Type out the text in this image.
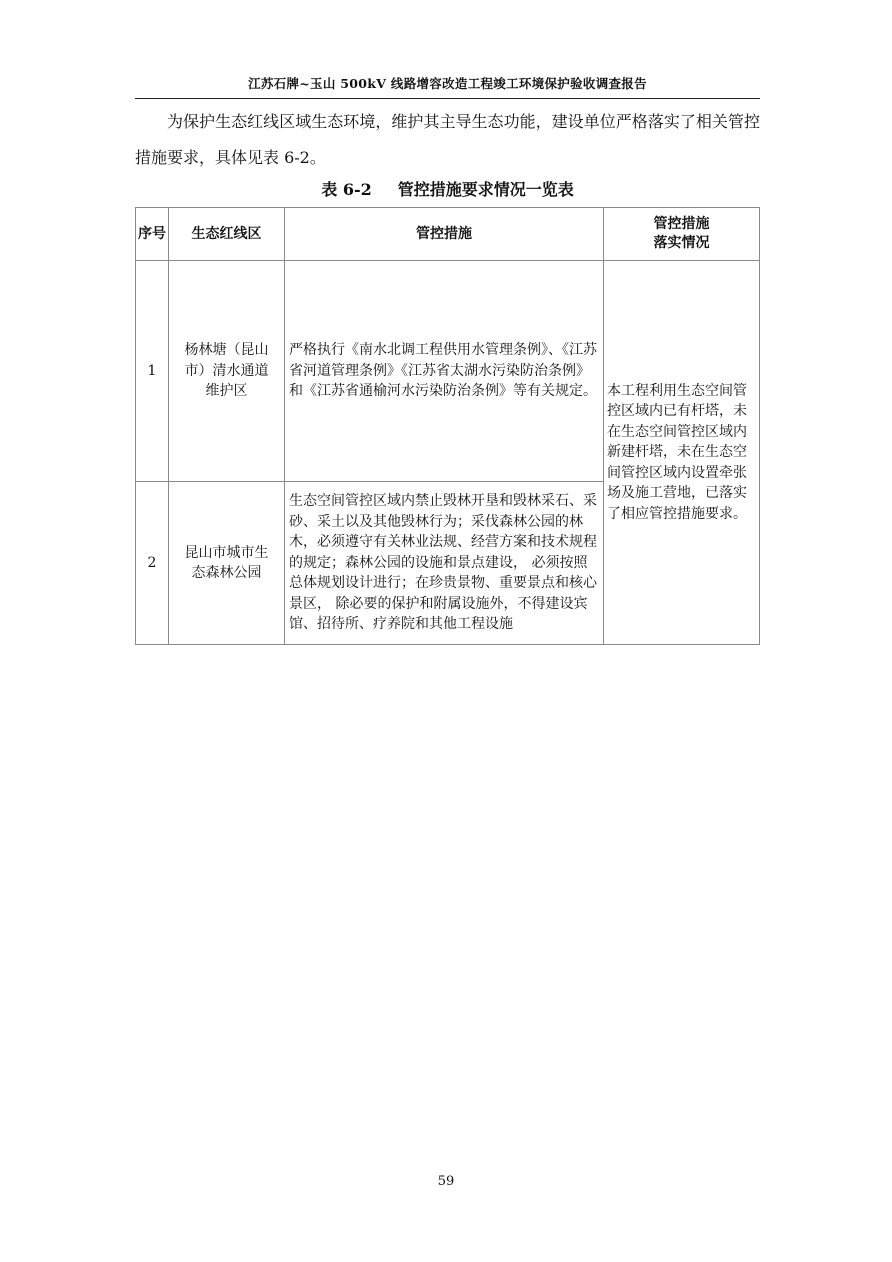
江苏石牌~玉山 500kV 线路增容改造工程竣工环境保护验收调查报告

为保护生态红线区域生态环境，维护其主导生态功能，建设单位严格落实了相关管控措施要求，具体见表 6-2。

表 6-2 管控措施要求情况一览表
序号	生态红线区	管控措施	管控措施
落实情况
1	杨林塘（昆山市）清水通道维护区	严格执行《南水北调工程供用水管理条例》、《江苏省河道管理条例》《江苏省太湖水污染防治条例》和《江苏省通榆河水污染防治条例》等有关规定。	本工程利用生态空间管控区域内已有杆塔，未在生态空间管控区域内新建杆塔，未在生态空间管控区域内设置牵张场及施工营地，已落实了相应管控措施要求。
2	昆山市城市生态森林公园	生态空间管控区域内禁止毁林开垦和毁林采石、采砂、采土以及其他毁林行为；采伐森林公园的林木，必须遵守有关林业法规、经营方案和技术规程的规定；森林公园的设施和景点建设， 必须按照总体规划设计进行；在珍贵景物、重要景点和核心景区， 除必要的保护和附属设施外，不得建设宾馆、招待所、疗养院和其他工程设施	
59
